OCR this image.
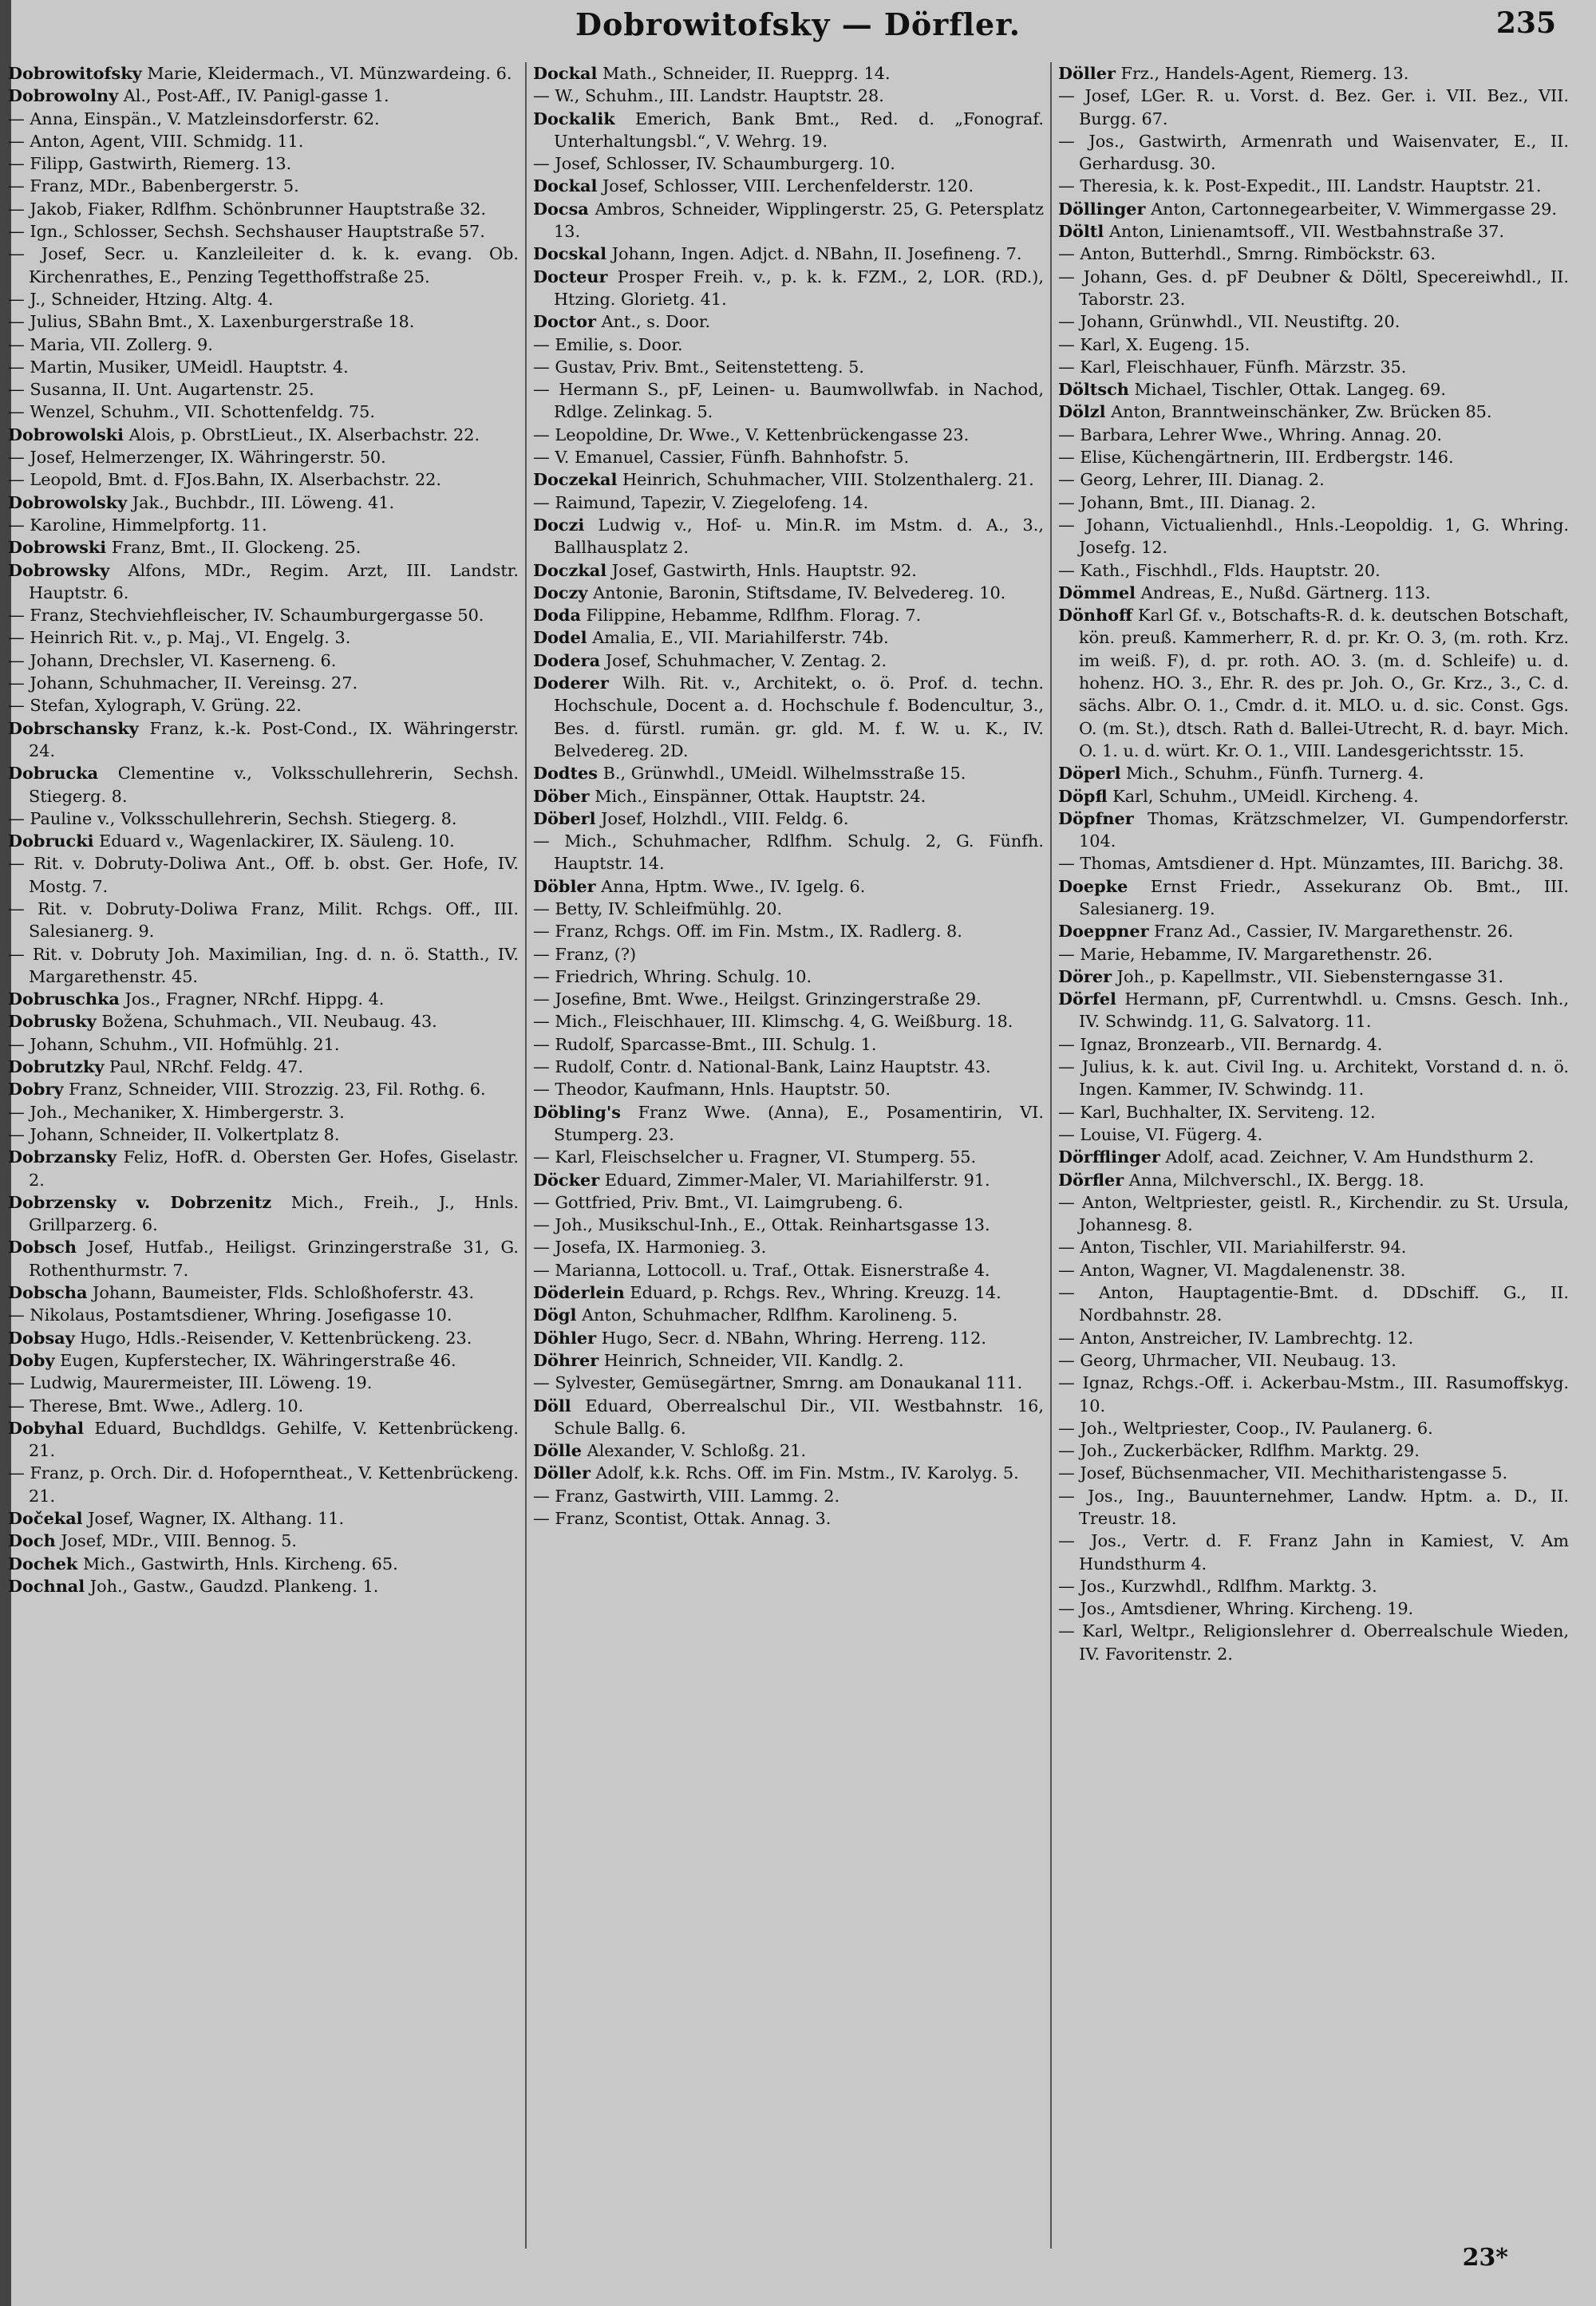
Dobrowitofsky — Dörfler.	235

Dobrowitofsky Marie, Kleidermach., VI. Münzwardeing. 6.

Dobrowolny Al., Post-Aff., IV. Panigl-gasse 1.

— Anna, Einspän., V. Matzleinsdorferstr. 62.

— Anton, Agent, VIII. Schmidg. 11.

— Filipp, Gastwirth, Riemerg. 13.

— Franz, MDr., Babenbergerstr. 5.

— Jakob, Fiaker, Rdlfhm. Schönbrunner Hauptstraße 32.

— Ign., Schlosser, Sechsh. Sechshauser Hauptstraße 57.

— Josef, Secr. u. Kanzleileiter d. k. k. evang. Ob. Kirchenrathes, E., Penzing Tegetthoffstraße 25.

— J., Schneider, Htzing. Altg. 4.

— Julius, SBahn Bmt., X. Laxenburgerstraße 18.

— Maria, VII. Zollerg. 9.

— Martin, Musiker, UMeidl. Hauptstr. 4.

— Susanna, II. Unt. Augartenstr. 25.

— Wenzel, Schuhm., VII. Schottenfeldg. 75.

Dobrowolski Alois, p. ObrstLieut., IX. Alserbachstr. 22.

— Josef, Helmerzenger, IX. Währingerstr. 50.

— Leopold, Bmt. d. FJos.Bahn, IX. Alserbachstr. 22.

Dobrowolsky Jak., Buchbdr., III. Löweng. 41.

— Karoline, Himmelpfortg. 11.

Dobrowski Franz, Bmt., II. Glockeng. 25.

Dobrowsky Alfons, MDr., Regim. Arzt, III. Landstr. Hauptstr. 6.

— Franz, Stechviehfleischer, IV. Schaumburgergasse 50.

— Heinrich Rit. v., p. Maj., VI. Engelg. 3.

— Johann, Drechsler, VI. Kaserneng. 6.

— Johann, Schuhmacher, II. Vereinsg. 27.

— Stefan, Xylograph, V. Grüng. 22.

Dobrschansky Franz, k.-k. Post-Cond., IX. Währingerstr. 24.

Dobrucka Clementine v., Volksschullehrerin, Sechsh. Stiegerg. 8.

— Pauline v., Volksschullehrerin, Sechsh. Stiegerg. 8.

Dobrucki Eduard v., Wagenlackirer, IX. Säuleng. 10.

— Rit. v. Dobruty-Doliwa Ant., Off. b. obst. Ger. Hofe, IV. Mostg. 7.

— Rit. v. Dobruty-Doliwa Franz, Milit. Rchgs. Off., III. Salesianerg. 9.

— Rit. v. Dobruty Joh. Maximilian, Ing. d. n. ö. Statth., IV. Margarethenstr. 45.

Dobruschka Jos., Fragner, NRchf. Hippg. 4.

Dobrusky Božena, Schuhmach., VII. Neubaug. 43.

— Johann, Schuhm., VII. Hofmühlg. 21.

Dobrutzky Paul, NRchf. Feldg. 47.

Dobry Franz, Schneider, VIII. Strozzig. 23, Fil. Rothg. 6.

— Joh., Mechaniker, X. Himbergerstr. 3.

— Johann, Schneider, II. Volkertplatz 8.

Dobrzansky Feliz, HofR. d. Obersten Ger. Hofes, Giselastr. 2.

Dobrzensky v. Dobrzenitz Mich., Freih., J., Hnls. Grillparzerg. 6.

Dobsch Josef, Hutfab., Heiligst. Grinzingerstraße 31, G. Rothenthurmstr. 7.

Dobscha Johann, Baumeister, Flds. Schloßhoferstr. 43.

— Nikolaus, Postamtsdiener, Whring. Josefigasse 10.

Dobsay Hugo, Hdls.-Reisender, V. Kettenbrückeng. 23.

Doby Eugen, Kupferstecher, IX. Währingerstraße 46.

— Ludwig, Maurermeister, III. Löweng. 19.

— Therese, Bmt. Wwe., Adlerg. 10.

Dobyhal Eduard, Buchdldgs. Gehilfe, V. Kettenbrückeng. 21.

— Franz, p. Orch. Dir. d. Hofoperntheat., V. Kettenbrückeng. 21.

Dočekal Josef, Wagner, IX. Althang. 11.

Doch Josef, MDr., VIII. Bennog. 5.

Dochek Mich., Gastwirth, Hnls. Kircheng. 65.

Dochnal Joh., Gastw., Gaudzd. Plankeng. 1.

Dockal Math., Schneider, II. Ruepprg. 14.

— W., Schuhm., III. Landstr. Hauptstr. 28.

Dockalik Emerich, Bank Bmt., Red. d. „Fonograf. Unterhaltungsbl.“, V. Wehrg. 19.

— Josef, Schlosser, IV. Schaumburgerg. 10.

Dockal Josef, Schlosser, VIII. Lerchenfelderstr. 120.

Docsa Ambros, Schneider, Wipplingerstr. 25, G. Petersplatz 13.

Docskal Johann, Ingen. Adjct. d. NBahn, II. Josefineng. 7.

Docteur Prosper Freih. v., p. k. k. FZM., 2, LOR. (RD.), Htzing. Glorietg. 41.

Doctor Ant., s. Door.

— Emilie, s. Door.

— Gustav, Priv. Bmt., Seitenstetteng. 5.

— Hermann S., pF, Leinen- u. Baumwollwfab. in Nachod, Rdlge. Zelinkag. 5.

— Leopoldine, Dr. Wwe., V. Kettenbrückengasse 23.

— V. Emanuel, Cassier, Fünfh. Bahnhofstr. 5.

Doczekal Heinrich, Schuhmacher, VIII. Stolzenthalerg. 21.

— Raimund, Tapezir, V. Ziegelofeng. 14.

Doczi Ludwig v., Hof- u. Min.R. im Mstm. d. A., 3., Ballhausplatz 2.

Doczkal Josef, Gastwirth, Hnls. Hauptstr. 92.

Doczy Antonie, Baronin, Stiftsdame, IV. Belvedereg. 10.

Doda Filippine, Hebamme, Rdlfhm. Florag. 7.

Dodel Amalia, E., VII. Mariahilferstr. 74b.

Dodera Josef, Schuhmacher, V. Zentag. 2.

Doderer Wilh. Rit. v., Architekt, o. ö. Prof. d. techn. Hochschule, Docent a. d. Hochschule f. Bodencultur, 3., Bes. d. fürstl. rumän. gr. gld. M. f. W. u. K., IV. Belvedereg. 2D.

Dodtes B., Grünwhdl., UMeidl. Wilhelmsstraße 15.

Döber Mich., Einspänner, Ottak. Hauptstr. 24.

Döberl Josef, Holzhdl., VIII. Feldg. 6.

— Mich., Schuhmacher, Rdlfhm. Schulg. 2, G. Fünfh. Hauptstr. 14.

Döbler Anna, Hptm. Wwe., IV. Igelg. 6.

— Betty, IV. Schleifmühlg. 20.

— Franz, Rchgs. Off. im Fin. Mstm., IX. Radlerg. 8.

— Franz, (?)

— Friedrich, Whring. Schulg. 10.

— Josefine, Bmt. Wwe., Heilgst. Grinzingerstraße 29.

— Mich., Fleischhauer, III. Klimschg. 4, G. Weißburg. 18.

— Rudolf, Sparcasse-Bmt., III. Schulg. 1.

— Rudolf, Contr. d. National-Bank, Lainz Hauptstr. 43.

— Theodor, Kaufmann, Hnls. Hauptstr. 50.

Döbling's Franz Wwe. (Anna), E., Posamentirin, VI. Stumperg. 23.

— Karl, Fleischselcher u. Fragner, VI. Stumperg. 55.

Döcker Eduard, Zimmer-Maler, VI. Mariahilferstr. 91.

— Gottfried, Priv. Bmt., VI. Laimgrubeng. 6.

— Joh., Musikschul-Inh., E., Ottak. Reinhartsgasse 13.

— Josefa, IX. Harmonieg. 3.

— Marianna, Lottocoll. u. Traf., Ottak. Eisnerstraße 4.

Döderlein Eduard, p. Rchgs. Rev., Whring. Kreuzg. 14.

Dögl Anton, Schuhmacher, Rdlfhm. Karolineng. 5.

Döhler Hugo, Secr. d. NBahn, Whring. Herreng. 112.

Döhrer Heinrich, Schneider, VII. Kandlg. 2.

— Sylvester, Gemüsegärtner, Smrng. am Donaukanal 111.

Döll Eduard, Oberrealschul Dir., VII. Westbahnstr. 16, Schule Ballg. 6.

Dölle Alexander, V. Schloßg. 21.

Döller Adolf, k.k. Rchs. Off. im Fin. Mstm., IV. Karolyg. 5.

— Franz, Gastwirth, VIII. Lammg. 2.

— Franz, Scontist, Ottak. Annag. 3.

Döller Frz., Handels-Agent, Riemerg. 13.

— Josef, LGer. R. u. Vorst. d. Bez. Ger. i. VII. Bez., VII. Burgg. 67.

— Jos., Gastwirth, Armenrath und Waisenvater, E., II. Gerhardusg. 30.

— Theresia, k. k. Post-Expedit., III. Landstr. Hauptstr. 21.

Döllinger Anton, Cartonnegearbeiter, V. Wimmergasse 29.

Döltl Anton, Linienamtsoff., VII. Westbahnstraße 37.

— Anton, Butterhdl., Smrng. Rimböckstr. 63.

— Johann, Ges. d. pF Deubner & Döltl, Specereiwhdl., II. Taborstr. 23.

— Johann, Grünwhdl., VII. Neustiftg. 20.

— Karl, X. Eugeng. 15.

— Karl, Fleischhauer, Fünfh. Märzstr. 35.

Döltsch Michael, Tischler, Ottak. Langeg. 69.

Dölzl Anton, Branntweinschänker, Zw. Brücken 85.

— Barbara, Lehrer Wwe., Whring. Annag. 20.

— Elise, Küchengärtnerin, III. Erdbergstr. 146.

— Georg, Lehrer, III. Dianag. 2.

— Johann, Bmt., III. Dianag. 2.

— Johann, Victualienhdl., Hnls.-Leopoldig. 1, G. Whring. Josefg. 12.

— Kath., Fischhdl., Flds. Hauptstr. 20.

Dömmel Andreas, E., Nußd. Gärtnerg. 113.

Dönhoff Karl Gf. v., Botschafts-R. d. k. deutschen Botschaft, kön. preuß. Kammerherr, R. d. pr. Kr. O. 3, (m. roth. Krz. im weiß. F), d. pr. roth. AO. 3. (m. d. Schleife) u. d. hohenz. HO. 3., Ehr. R. des pr. Joh. O., Gr. Krz., 3., C. d. sächs. Albr. O. 1., Cmdr. d. it. MLO. u. d. sic. Const. Ggs. O. (m. St.), dtsch. Rath d. Ballei-Utrecht, R. d. bayr. Mich. O. 1. u. d. würt. Kr. O. 1., VIII. Landesgerichtsstr. 15.

Döperl Mich., Schuhm., Fünfh. Turnerg. 4.

Döpfl Karl, Schuhm., UMeidl. Kircheng. 4.

Döpfner Thomas, Krätzschmelzer, VI. Gumpendorferstr. 104.

— Thomas, Amtsdiener d. Hpt. Münzamtes, III. Barichg. 38.

Doepke Ernst Friedr., Assekuranz Ob. Bmt., III. Salesianerg. 19.

Doeppner Franz Ad., Cassier, IV. Margarethenstr. 26.

— Marie, Hebamme, IV. Margarethenstr. 26.

Dörer Joh., p. Kapellmstr., VII. Siebensterngasse 31.

Dörfel Hermann, pF, Currentwhdl. u. Cmsns. Gesch. Inh., IV. Schwindg. 11, G. Salvatorg. 11.

— Ignaz, Bronzearb., VII. Bernardg. 4.

— Julius, k. k. aut. Civil Ing. u. Architekt, Vorstand d. n. ö. Ingen. Kammer, IV. Schwindg. 11.

— Karl, Buchhalter, IX. Serviteng. 12.

— Louise, VI. Fügerg. 4.

Dörfflinger Adolf, acad. Zeichner, V. Am Hundsthurm 2.

Dörfler Anna, Milchverschl., IX. Bergg. 18.

— Anton, Weltpriester, geistl. R., Kirchendir. zu St. Ursula, Johannesg. 8.

— Anton, Tischler, VII. Mariahilferstr. 94.

— Anton, Wagner, VI. Magdalenenstr. 38.

— Anton, Hauptagentie-Bmt. d. DDschiff. G., II. Nordbahnstr. 28.

— Anton, Anstreicher, IV. Lambrechtg. 12.

— Georg, Uhrmacher, VII. Neubaug. 13.

— Ignaz, Rchgs.-Off. i. Ackerbau-Mstm., III. Rasumoffskyg. 10.

— Joh., Weltpriester, Coop., IV. Paulanerg. 6.

— Joh., Zuckerbäcker, Rdlfhm. Marktg. 29.

— Josef, Büchsenmacher, VII. Mechitharistengasse 5.

— Jos., Ing., Bauunternehmer, Landw. Hptm. a. D., II. Treustr. 18.

— Jos., Vertr. d. F. Franz Jahn in Kamiest, V. Am Hundsthurm 4.

— Jos., Kurzwhdl., Rdlfhm. Marktg. 3.

— Jos., Amtsdiener, Whring. Kircheng. 19.

— Karl, Weltpr., Religionslehrer d. Oberrealschule Wieden, IV. Favoritenstr. 2.

23*
